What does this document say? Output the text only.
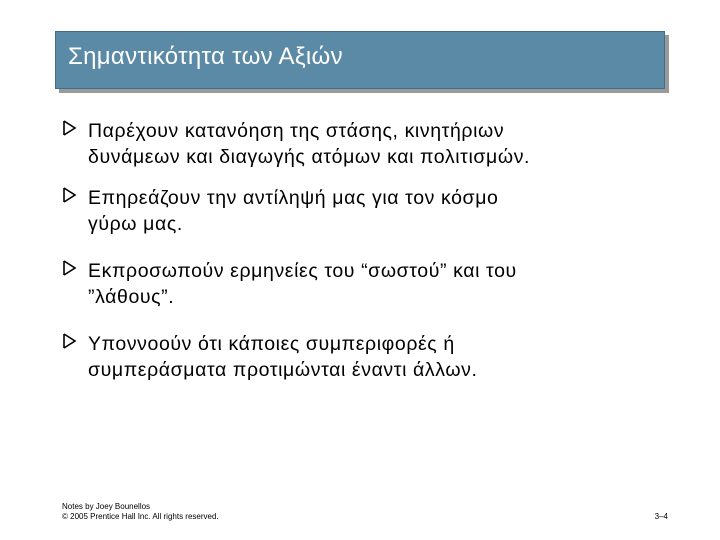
Σημαντικότητα των Αξιών
Παρέχουν κατανόηση της στάσης, κινητήριων
δυνάμεων και διαγωγής ατόμων και πολιτισμών.
Επηρεάζουν την αντίληψή μας για τον κόσμο
γύρω μας.
Εκπροσωπούν ερμηνείες του “σωστού” και του
”λάθους”.
Υποννοούν ότι κάποιες συμπεριφορές ή
συμπεράσματα προτιμώνται έναντι άλλων.
Notes by Joey Bounellos
© 2005 Prentice Hall Inc. All rights reserved.	3–4
